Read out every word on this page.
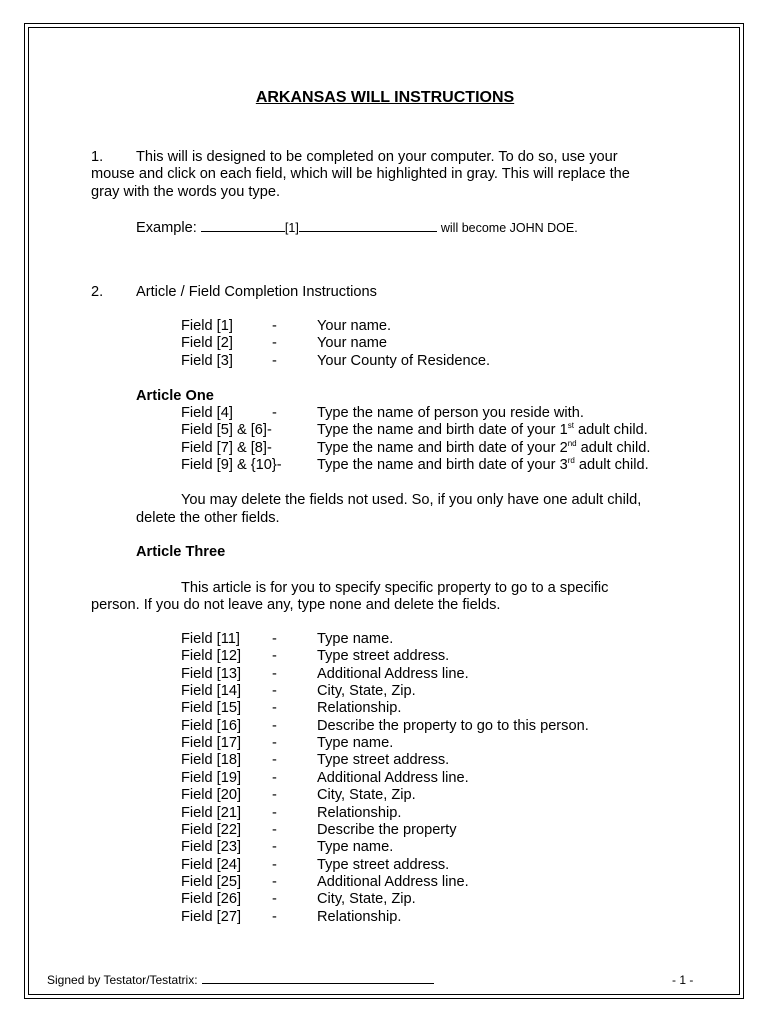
ARKANSAS WILL INSTRUCTIONS
1. This will is designed to be completed on your computer. To do so, use your
mouse and click on each field, which will be highlighted in gray. This will replace the
gray with the words you type.
Example:	[1]	will become JOHN DOE.
2. Article / Field Completion Instructions
Field [1]	-	Your name.
Field [2]	-	Your name
Field [3]	-	Your County of Residence.
Article One
Field [4]	-	Type the name of person you reside with.
Field [5] & [6]-	Type the name and birth date of your 1st adult child.
Field [7] & [8]-	Type the name and birth date of your 2nd adult child.
Field [9] & {10}- Type the name and birth date of your 3rd adult child.
You may delete the fields not used. So, if you only have one adult child,
delete the other fields.
Article Three
This article is for you to specify specific property to go to a specific
person. If you do not leave any, type none and delete the fields.
Field [11] -	Type name.
Field [12] -	Type street address.
Field [13] -	Additional Address line.
Field [14] -	City, State, Zip.
Field [15] -	Relationship.
Field [16] -	Describe the property to go to this person.
Field [17] -	Type name.
Field [18] -	Type street address.
Field [19] -	Additional Address line.
Field [20] -	City, State, Zip.
Field [21] -	Relationship.
Field [22] -	Describe the property
Field [23] -	Type name.
Field [24] -	Type street address.
Field [25] -	Additional Address line.
Field [26] -	City, State, Zip.
Field [27] -	Relationship.
Signed by Testator/Testatrix:	- 1 -
